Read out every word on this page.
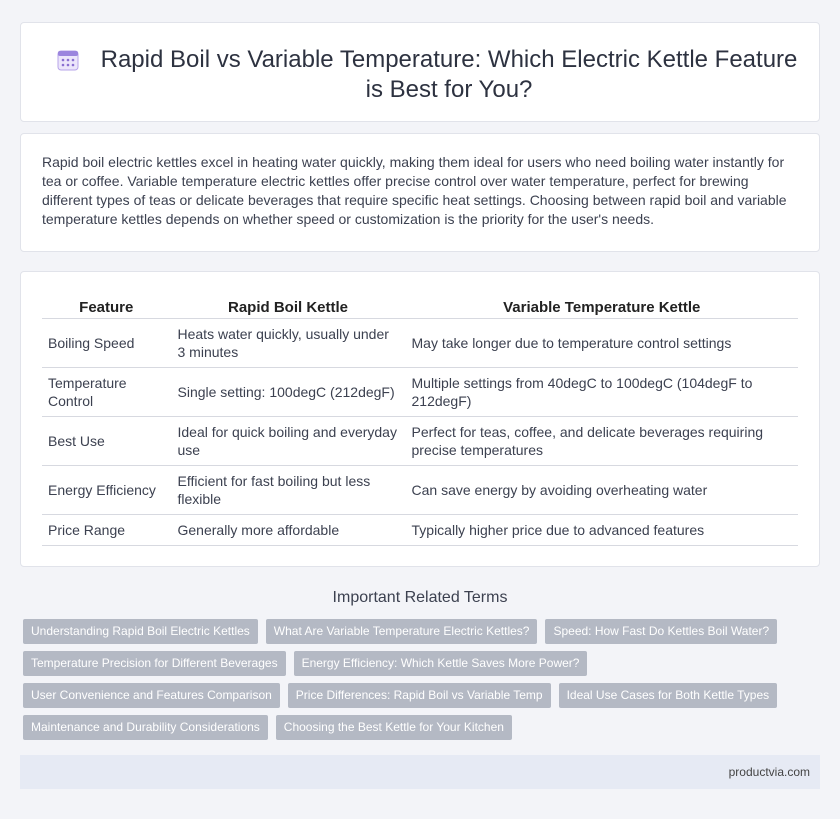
Rapid Boil vs Variable Temperature: Which Electric Kettle Feature is Best for You?
Rapid boil electric kettles excel in heating water quickly, making them ideal for users who need boiling water instantly for tea or coffee. Variable temperature electric kettles offer precise control over water temperature, perfect for brewing different types of teas or delicate beverages that require specific heat settings. Choosing between rapid boil and variable temperature kettles depends on whether speed or customization is the priority for the user's needs.
Feature	Rapid Boil Kettle	Variable Temperature Kettle
Boiling Speed	Heats water quickly, usually under 3 minutes	May take longer due to temperature control settings
Temperature Control	Single setting: 100degC (212degF)	Multiple settings from 40degC to 100degC (104degF to 212degF)
Best Use	Ideal for quick boiling and everyday use	Perfect for teas, coffee, and delicate beverages requiring precise temperatures
Energy Efficiency	Efficient for fast boiling but less flexible	Can save energy by avoiding overheating water
Price Range	Generally more affordable	Typically higher price due to advanced features
Important Related Terms
Understanding Rapid Boil Electric Kettles	What Are Variable Temperature Electric Kettles?	Speed: How Fast Do Kettles Boil Water?
Temperature Precision for Different Beverages	Energy Efficiency: Which Kettle Saves More Power?
User Convenience and Features Comparison	Price Differences: Rapid Boil vs Variable Temp	Ideal Use Cases for Both Kettle Types
Maintenance and Durability Considerations	Choosing the Best Kettle for Your Kitchen
productvia.com
